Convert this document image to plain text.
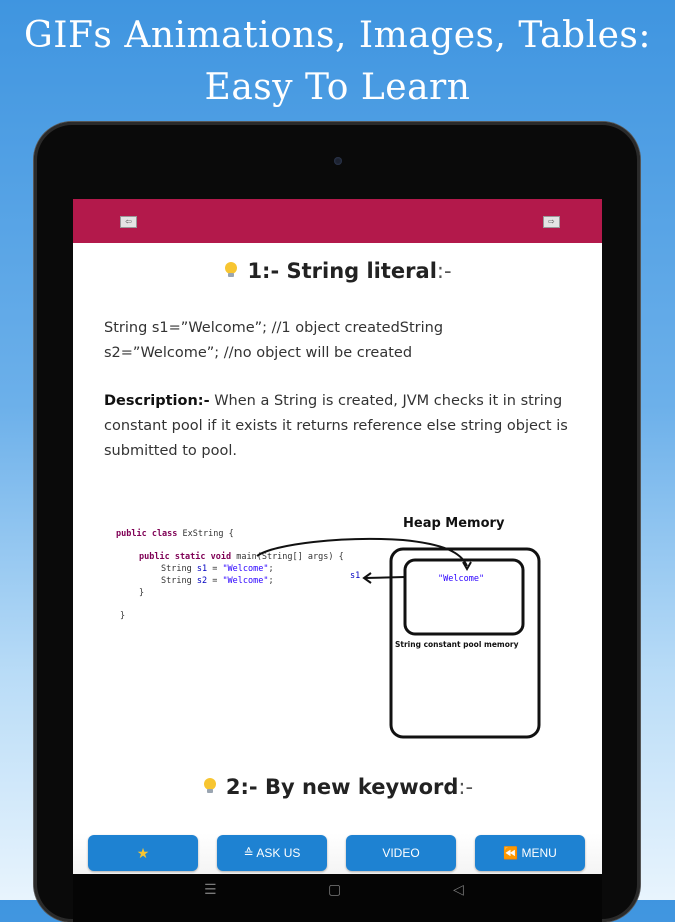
GIFs Animations, Images, Tables:
Easy To Learn
⇦	⇨
1:- String literal:-
String s1=”Welcome”; //1 object createdString
s2=”Welcome”; //no object will be created
Description:- When a String is created, JVM checks it in string constant pool if it exists it returns reference else string object is submitted to pool.
public class ExString {
public static void main(String[] args) {
String s1 = "Welcome";
String s2 = "Welcome";
}
}
s1
Heap Memory
"Welcome"
String constant pool memory
2:- By new keyword:-
★	≙ ASK US	VIDEO	⏪ MENU
☰	▢	◁
